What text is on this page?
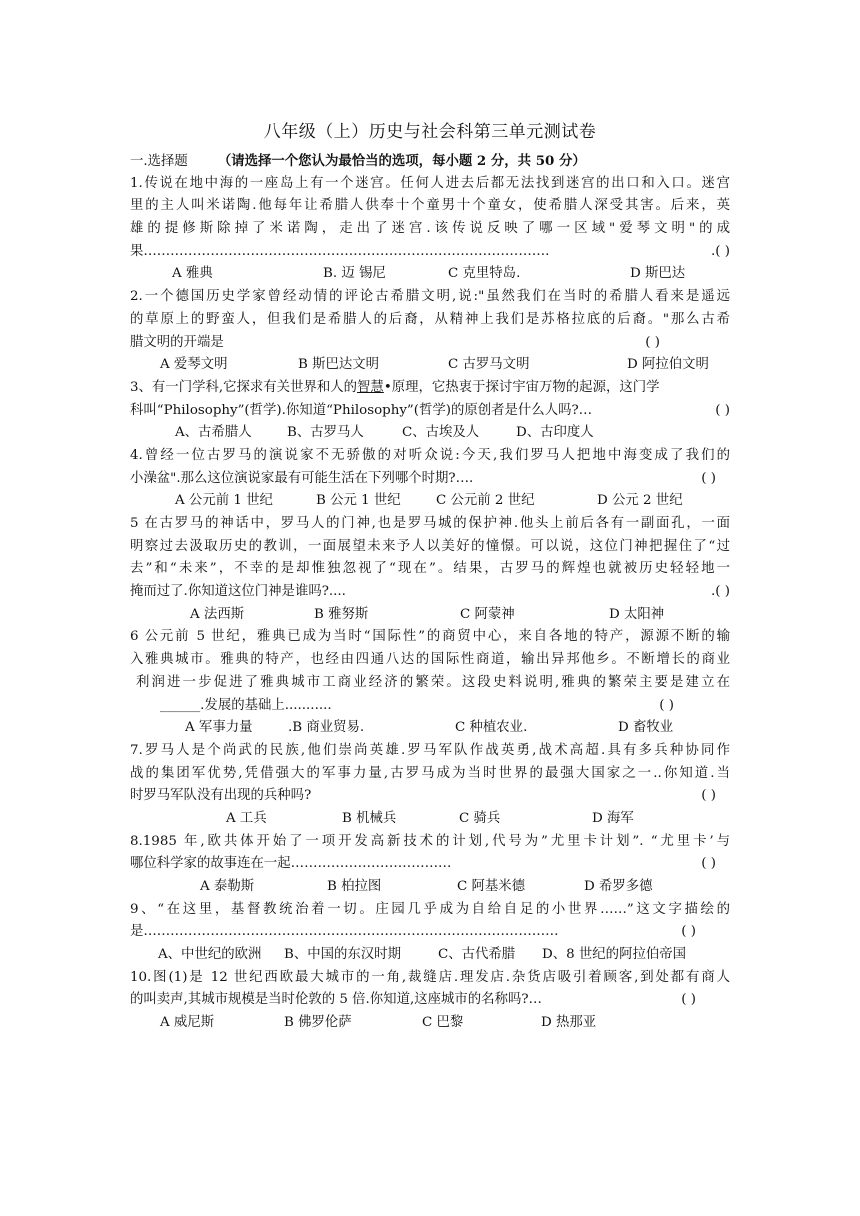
八年级（上）历史与社会科第三单元测试卷
一.选择题 （请选择一个您认为最恰当的选项，每小题 2 分，共 50 分）
1.传说在地中海的一座岛上有一个迷宫。任何人进去后都无法找到迷宫的出口和入口。迷宫
里的主人叫米诺陶.他每年让希腊人供奉十个童男十个童女，使希腊人深受其害。后来，英
雄的提修斯除掉了米诺陶，走出了迷宫.该传说反映了哪一区域"爱琴文明"的成
果……………………………………………………………………………….	.( )
A 雅典	B. 迈 锡尼	C 克里特岛.	D 斯巴达
2.一个德国历史学家曾经动情的评论古希腊文明,说:"虽然我们在当时的希腊人看来是遥远
的草原上的野蛮人，但我们是希腊人的后裔，从精神上我们是苏格拉底的后裔。"那么古希
腊文明的开端是	( )
A 爱琴文明	B 斯巴达文明	C 古罗马文明	D 阿拉伯文明
3、有一门学科,它探求有关世界和人的智慧•原理，它热衷于探讨宇宙万物的起源，这门学
科叫“Philosophy”(哲学).你知道“Philosophy”(哲学)的原创者是什么人吗?…	( )
A、古希腊人	B、古罗马人	C、古埃及人	D、古印度人
4.曾经一位古罗马的演说家不无骄傲的对听众说:今天,我们罗马人把地中海变成了我们的
小澡盆".那么这位演说家最有可能生活在下列哪个时期?….	( )
A 公元前 1 世纪	B 公元 1 世纪	C 公元前 2 世纪	D 公元 2 世纪
5 在古罗马的神话中，罗马人的门神,也是罗马城的保护神.他头上前后各有一副面孔，一面
明察过去汲取历史的教训，一面展望未来予人以美好的憧憬。可以说，这位门神把握住了“过
去”和“未来”，不幸的是却惟独忽视了“现在”。结果，古罗马的辉煌也就被历史轻轻地一
掩而过了.你知道这位门神是谁吗?....	.( )
A 法西斯	B 雅努斯	C 阿蒙神	D 太阳神
6 公元前 5 世纪，雅典已成为当时“国际性”的商贸中心，来自各地的特产，源源不断的输
入雅典城市。雅典的特产，也经由四通八达的国际性商道，输出异邦他乡。不断增长的商业
利润进一步促进了雅典城市工商业经济的繁荣。这段史料说明,雅典的繁荣主要是建立在
______.发展的基础上...........	( )
A 军事力量	.B 商业贸易.	C 种植农业.	D 畜牧业
7.罗马人是个尚武的民族,他们崇尚英雄.罗马军队作战英勇,战术高超.具有多兵种协同作
战的集团军优势,凭借强大的军事力量,古罗马成为当时世界的最强大国家之一..你知道.当
时罗马军队没有出现的兵种吗?	( )
A 工兵	B 机械兵	C 骑兵	D 海军
8.1985 年,欧共体开始了一项开发高新技术的计划,代号为”尤里卡计划”. “尤里卡’与
哪位科学家的故事连在一起………………………………	( )
A 泰勒斯	B 柏拉图	C 阿基米德	D 希罗多德
9、“在这里，基督教统治着一切。庄园几乎成为自给自足的小世界……”这文字描绘的
是…………………………………………………………………………………	( )
A、中世纪的欧洲 B、中国的东汉时期	C、古代希腊 D、8 世纪的阿拉伯帝国
10.图(1)是 12 世纪西欧最大城市的一角,裁缝店.理发店.杂货店吸引着顾客,到处都有商人
的叫卖声,其城市规模是当时伦敦的 5 倍.你知道,这座城市的名称吗?…	( )
A 威尼斯	B 佛罗伦萨	C 巴黎	D 热那亚
